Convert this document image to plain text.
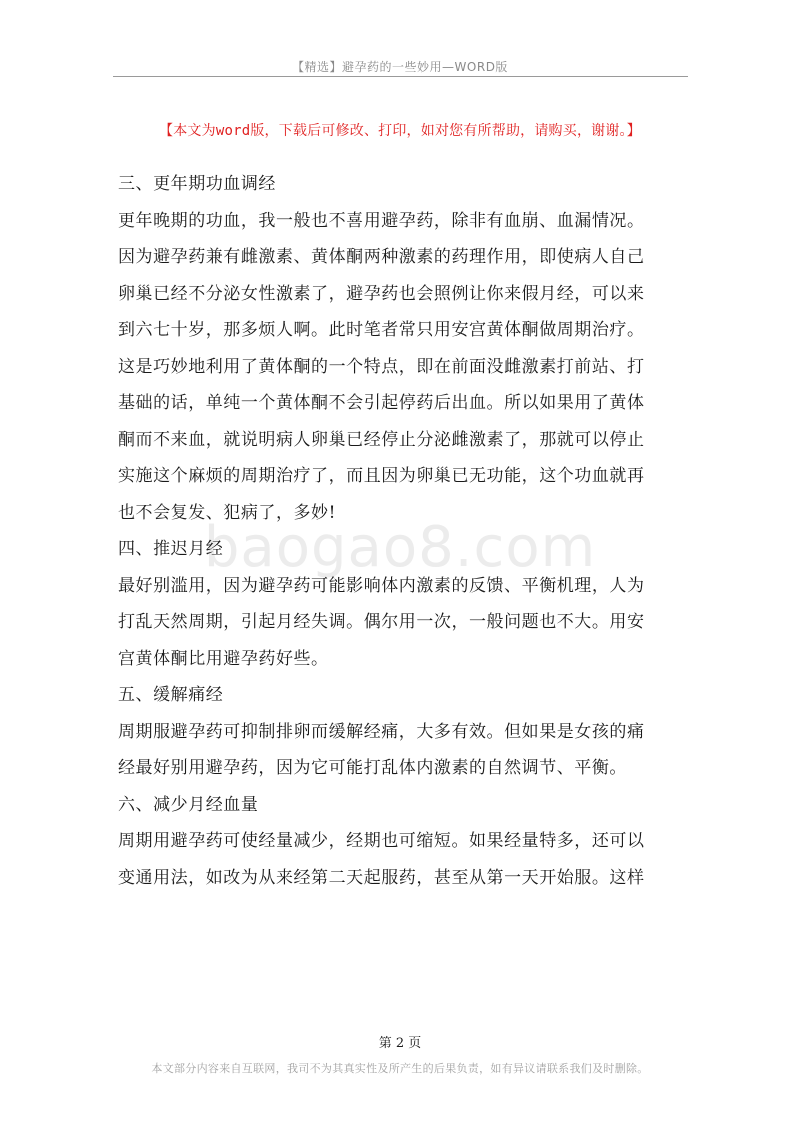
【精选】避孕药的一些妙用—WORD版
【本文为word版，下载后可修改、打印，如对您有所帮助，请购买，谢谢。】
baogao8.com
三、更年期功血调经
更年晚期的功血，我一般也不喜用避孕药，除非有血崩、血漏情况。
因为避孕药兼有雌激素、黄体酮两种激素的药理作用，即使病人自己
卵巢已经不分泌女性激素了，避孕药也会照例让你来假月经，可以来
到六七十岁，那多烦人啊。此时笔者常只用安宫黄体酮做周期治疗。
这是巧妙地利用了黄体酮的一个特点，即在前面没雌激素打前站、打
基础的话，单纯一个黄体酮不会引起停药后出血。所以如果用了黄体
酮而不来血，就说明病人卵巢已经停止分泌雌激素了，那就可以停止
实施这个麻烦的周期治疗了，而且因为卵巢已无功能，这个功血就再
也不会复发、犯病了，多妙!
四、推迟月经
最好别滥用，因为避孕药可能影响体内激素的反馈、平衡机理，人为
打乱天然周期，引起月经失调。偶尔用一次，一般问题也不大。用安
宫黄体酮比用避孕药好些。
五、缓解痛经
周期服避孕药可抑制排卵而缓解经痛，大多有效。但如果是女孩的痛
经最好别用避孕药，因为它可能打乱体内激素的自然调节、平衡。
六、减少月经血量
周期用避孕药可使经量减少，经期也可缩短。如果经量特多，还可以
变通用法，如改为从来经第二天起服药，甚至从第一天开始服。这样
第 2 页
本文部分内容来自互联网，我司不为其真实性及所产生的后果负责，如有异议请联系我们及时删除。
